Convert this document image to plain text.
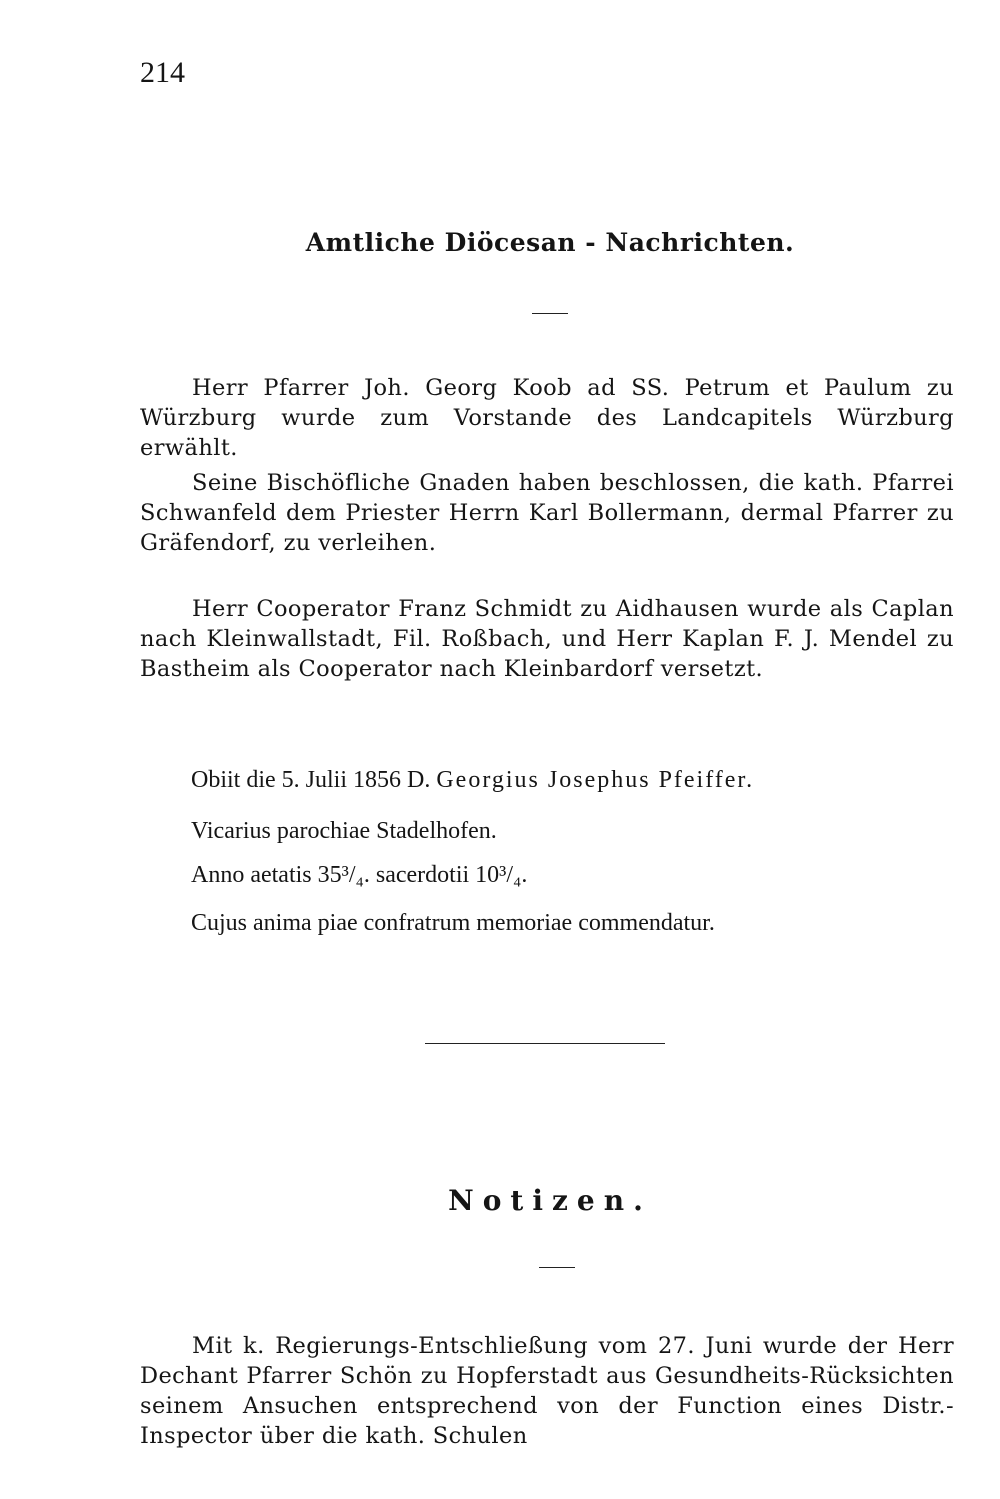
214
Amtliche Diöcesan - Nachrichten.

Herr Pfarrer Joh. Georg Koob ad SS. Petrum et Paulum zu Würzburg wurde zum Vorstande des Landcapitels Würzburg erwählt.

Seine Bischöfliche Gnaden haben beschlossen, die kath. Pfarrei Schwanfeld dem Priester Herrn Karl Bollermann, dermal Pfarrer zu Gräfendorf, zu verleihen.

Herr Cooperator Franz Schmidt zu Aidhausen wurde als Caplan nach Kleinwallstadt, Fil. Roßbach, und Herr Kaplan F. J. Mendel zu Bastheim als Cooperator nach Kleinbardorf versetzt.

Obiit die 5. Julii 1856 D. Georgius Josephus Pfeiffer.
Vicarius parochiae Stadelhofen.
Anno aetatis 35³/₄. sacerdotii 10³/₄.
Cujus anima piae confratrum memoriae commendatur.
Notizen.

Mit k. Regierungs-Entschließung vom 27. Juni wurde der Herr Dechant Pfarrer Schön zu Hopferstadt aus Gesundheits-Rücksichten seinem Ansuchen entsprechend von der Function eines Distr.-Inspector über die kath. Schulen
